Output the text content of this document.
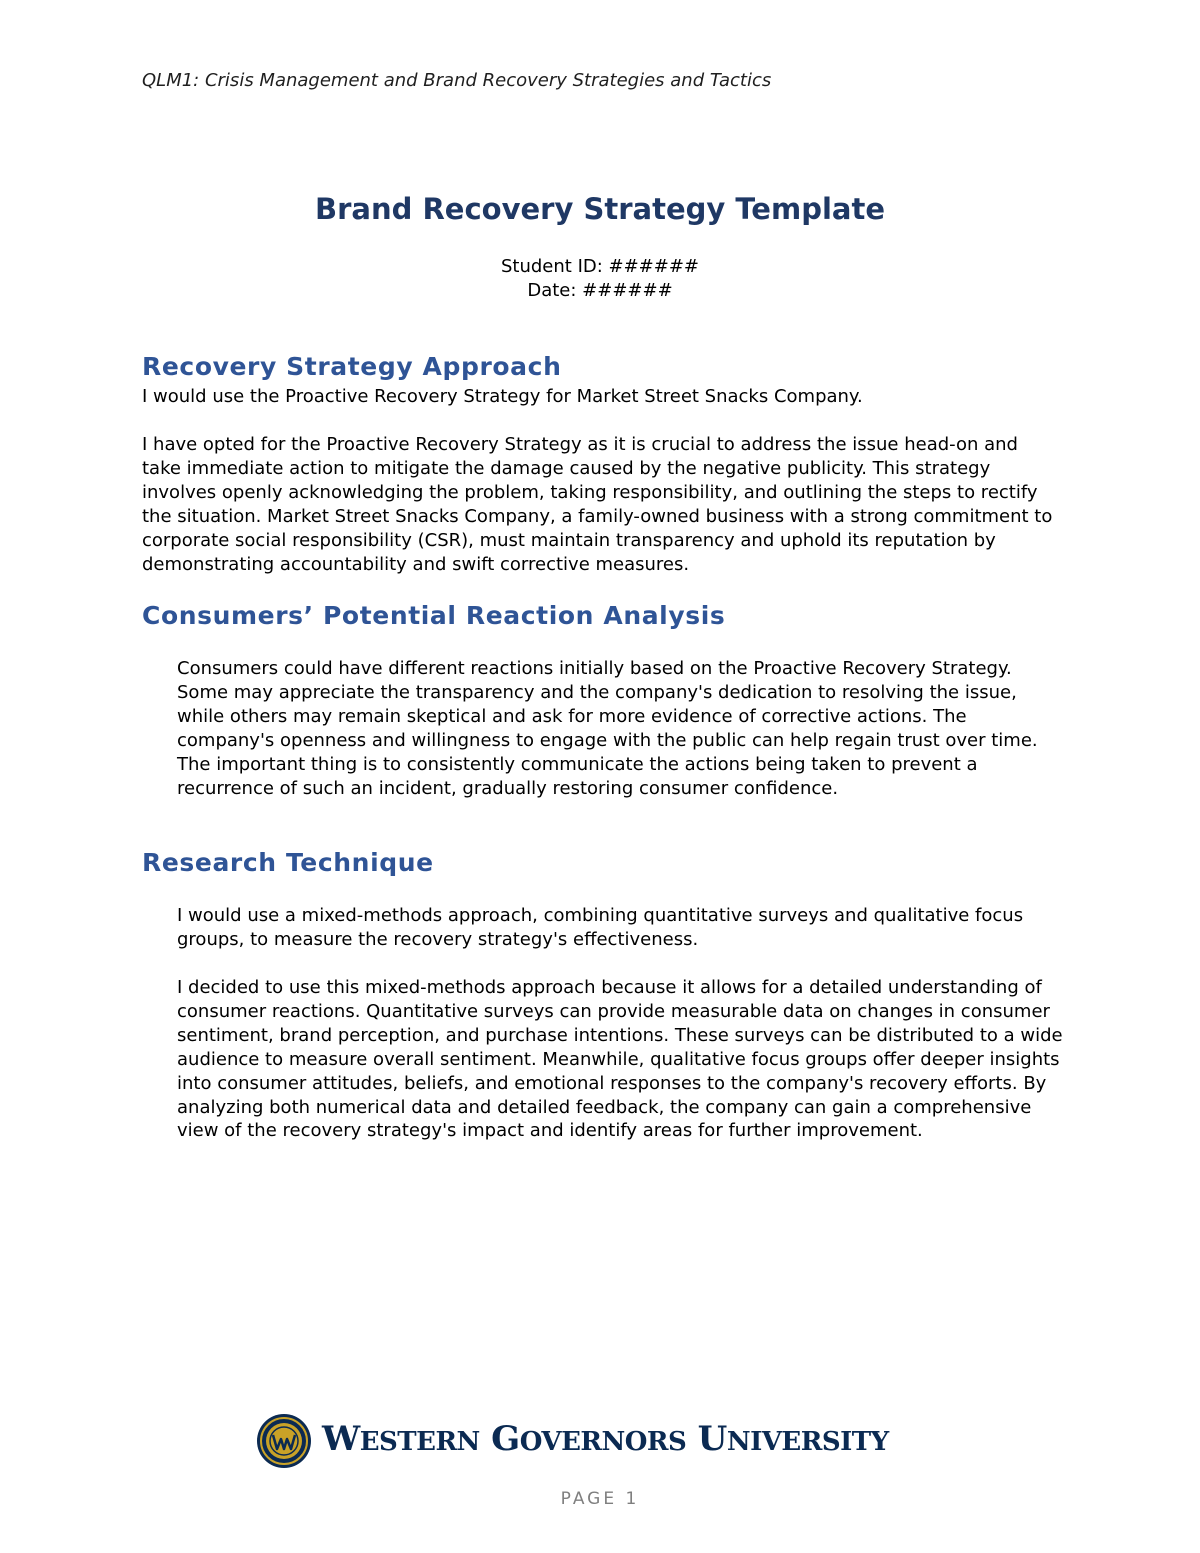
QLM1: Crisis Management and Brand Recovery Strategies and Tactics
Brand Recovery Strategy Template
Student ID: ######
Date: ######
Recovery Strategy Approach

I would use the Proactive Recovery Strategy for Market Street Snacks Company.

I have opted for the Proactive Recovery Strategy as it is crucial to address the issue head-on and take immediate action to mitigate the damage caused by the negative publicity. This strategy involves openly acknowledging the problem, taking responsibility, and outlining the steps to rectify the situation. Market Street Snacks Company, a family-owned business with a strong commitment to corporate social responsibility (CSR), must maintain transparency and uphold its reputation by demonstrating accountability and swift corrective measures.

Consumers’ Potential Reaction Analysis

Consumers could have different reactions initially based on the Proactive Recovery Strategy. Some may appreciate the transparency and the company's dedication to resolving the issue, while others may remain skeptical and ask for more evidence of corrective actions. The company's openness and willingness to engage with the public can help regain trust over time. The important thing is to consistently communicate the actions being taken to prevent a recurrence of such an incident, gradually restoring consumer confidence.

Research Technique

I would use a mixed-methods approach, combining quantitative surveys and qualitative focus groups, to measure the recovery strategy's effectiveness.

I decided to use this mixed-methods approach because it allows for a detailed understanding of consumer reactions. Quantitative surveys can provide measurable data on changes in consumer sentiment, brand perception, and purchase intentions. These surveys can be distributed to a wide audience to measure overall sentiment. Meanwhile, qualitative focus groups offer deeper insights into consumer attitudes, beliefs, and emotional responses to the company's recovery efforts. By analyzing both numerical data and detailed feedback, the company can gain a comprehensive view of the recovery strategy's impact and identify areas for further improvement.

WESTERN GOVERNORS UNIVERSITY
PAGE 1
